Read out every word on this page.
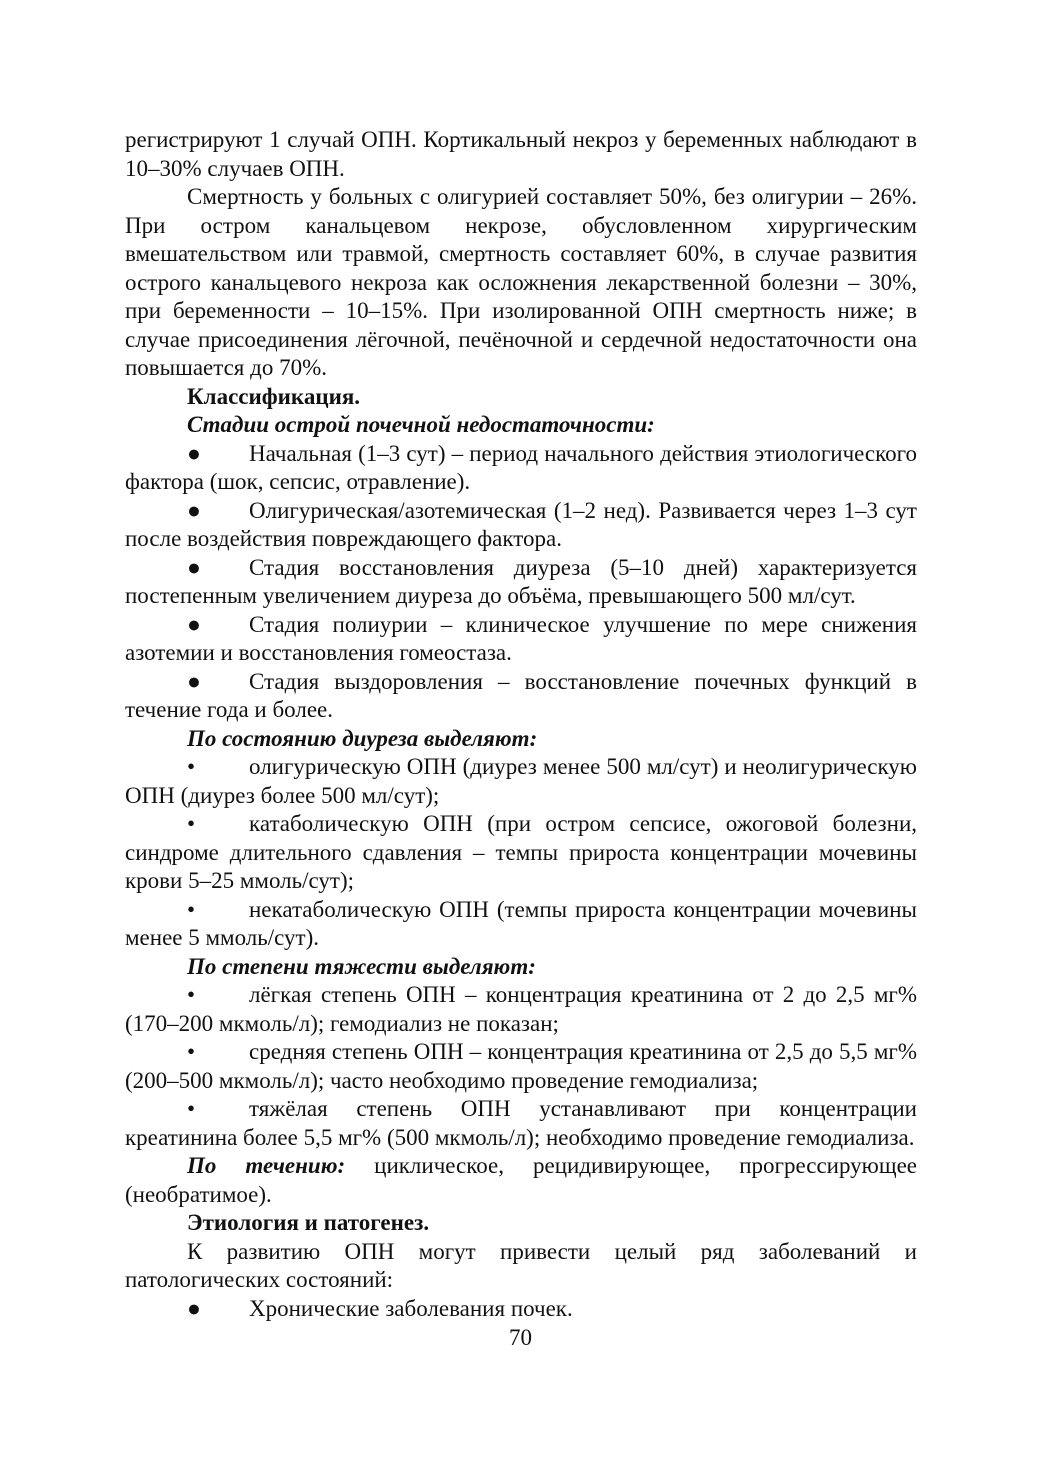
регистрируют 1 случай ОПН. Кортикальный некроз у беременных наблюдают в 10–30% случаев ОПН.

Смертность у больных с олигурией составляет 50%, без олигурии – 26%. При остром канальцевом некрозе, обусловленном хирургическим вмешательством или травмой, смертность составляет 60%, в случае развития острого канальцевого некроза как осложнения лекарственной болезни – 30%, при беременности – 10–15%. При изолированной ОПН смертность ниже; в случае присоединения лёгочной, печёночной и сердечной недостаточности она повышается до 70%.

Классификация.

Стадии острой почечной недостаточности:

● Начальная (1–3 сут) – период начального действия этиологического фактора (шок, сепсис, отравление).

● Олигурическая/азотемическая (1–2 нед). Развивается через 1–3 сут после воздействия повреждающего фактора.

● Стадия восстановления диуреза (5–10 дней) характеризуется постепенным увеличением диуреза до объёма, превышающего 500 мл/сут.

● Стадия полиурии – клиническое улучшение по мере снижения азотемии и восстановления гомеостаза.

● Стадия выздоровления – восстановление почечных функций в течение года и более.

По состоянию диуреза выделяют:

• олигурическую ОПН (диурез менее 500 мл/сут) и неолигурическую ОПН (диурез более 500 мл/сут);

• катаболическую ОПН (при остром сепсисе, ожоговой болезни, синдроме длительного сдавления – темпы прироста концентрации мочевины крови 5–25 ммоль/сут);

• некатаболическую ОПН (темпы прироста концентрации мочевины менее 5 ммоль/сут).

По степени тяжести выделяют:

• лёгкая степень ОПН – концентрация креатинина от 2 до 2,5 мг% (170–200 мкмоль/л); гемодиализ не показан;

• средняя степень ОПН – концентрация креатинина от 2,5 до 5,5 мг% (200–500 мкмоль/л); часто необходимо проведение гемодиализа;

• тяжёлая степень ОПН устанавливают при концентрации креатинина более 5,5 мг% (500 мкмоль/л); необходимо проведение гемодиализа.

По течению: циклическое, рецидивирующее, прогрессирующее (необратимое).

Этиология и патогенез.

К развитию ОПН могут привести целый ряд заболеваний и патологических состояний:

● Хронические заболевания почек.

70
